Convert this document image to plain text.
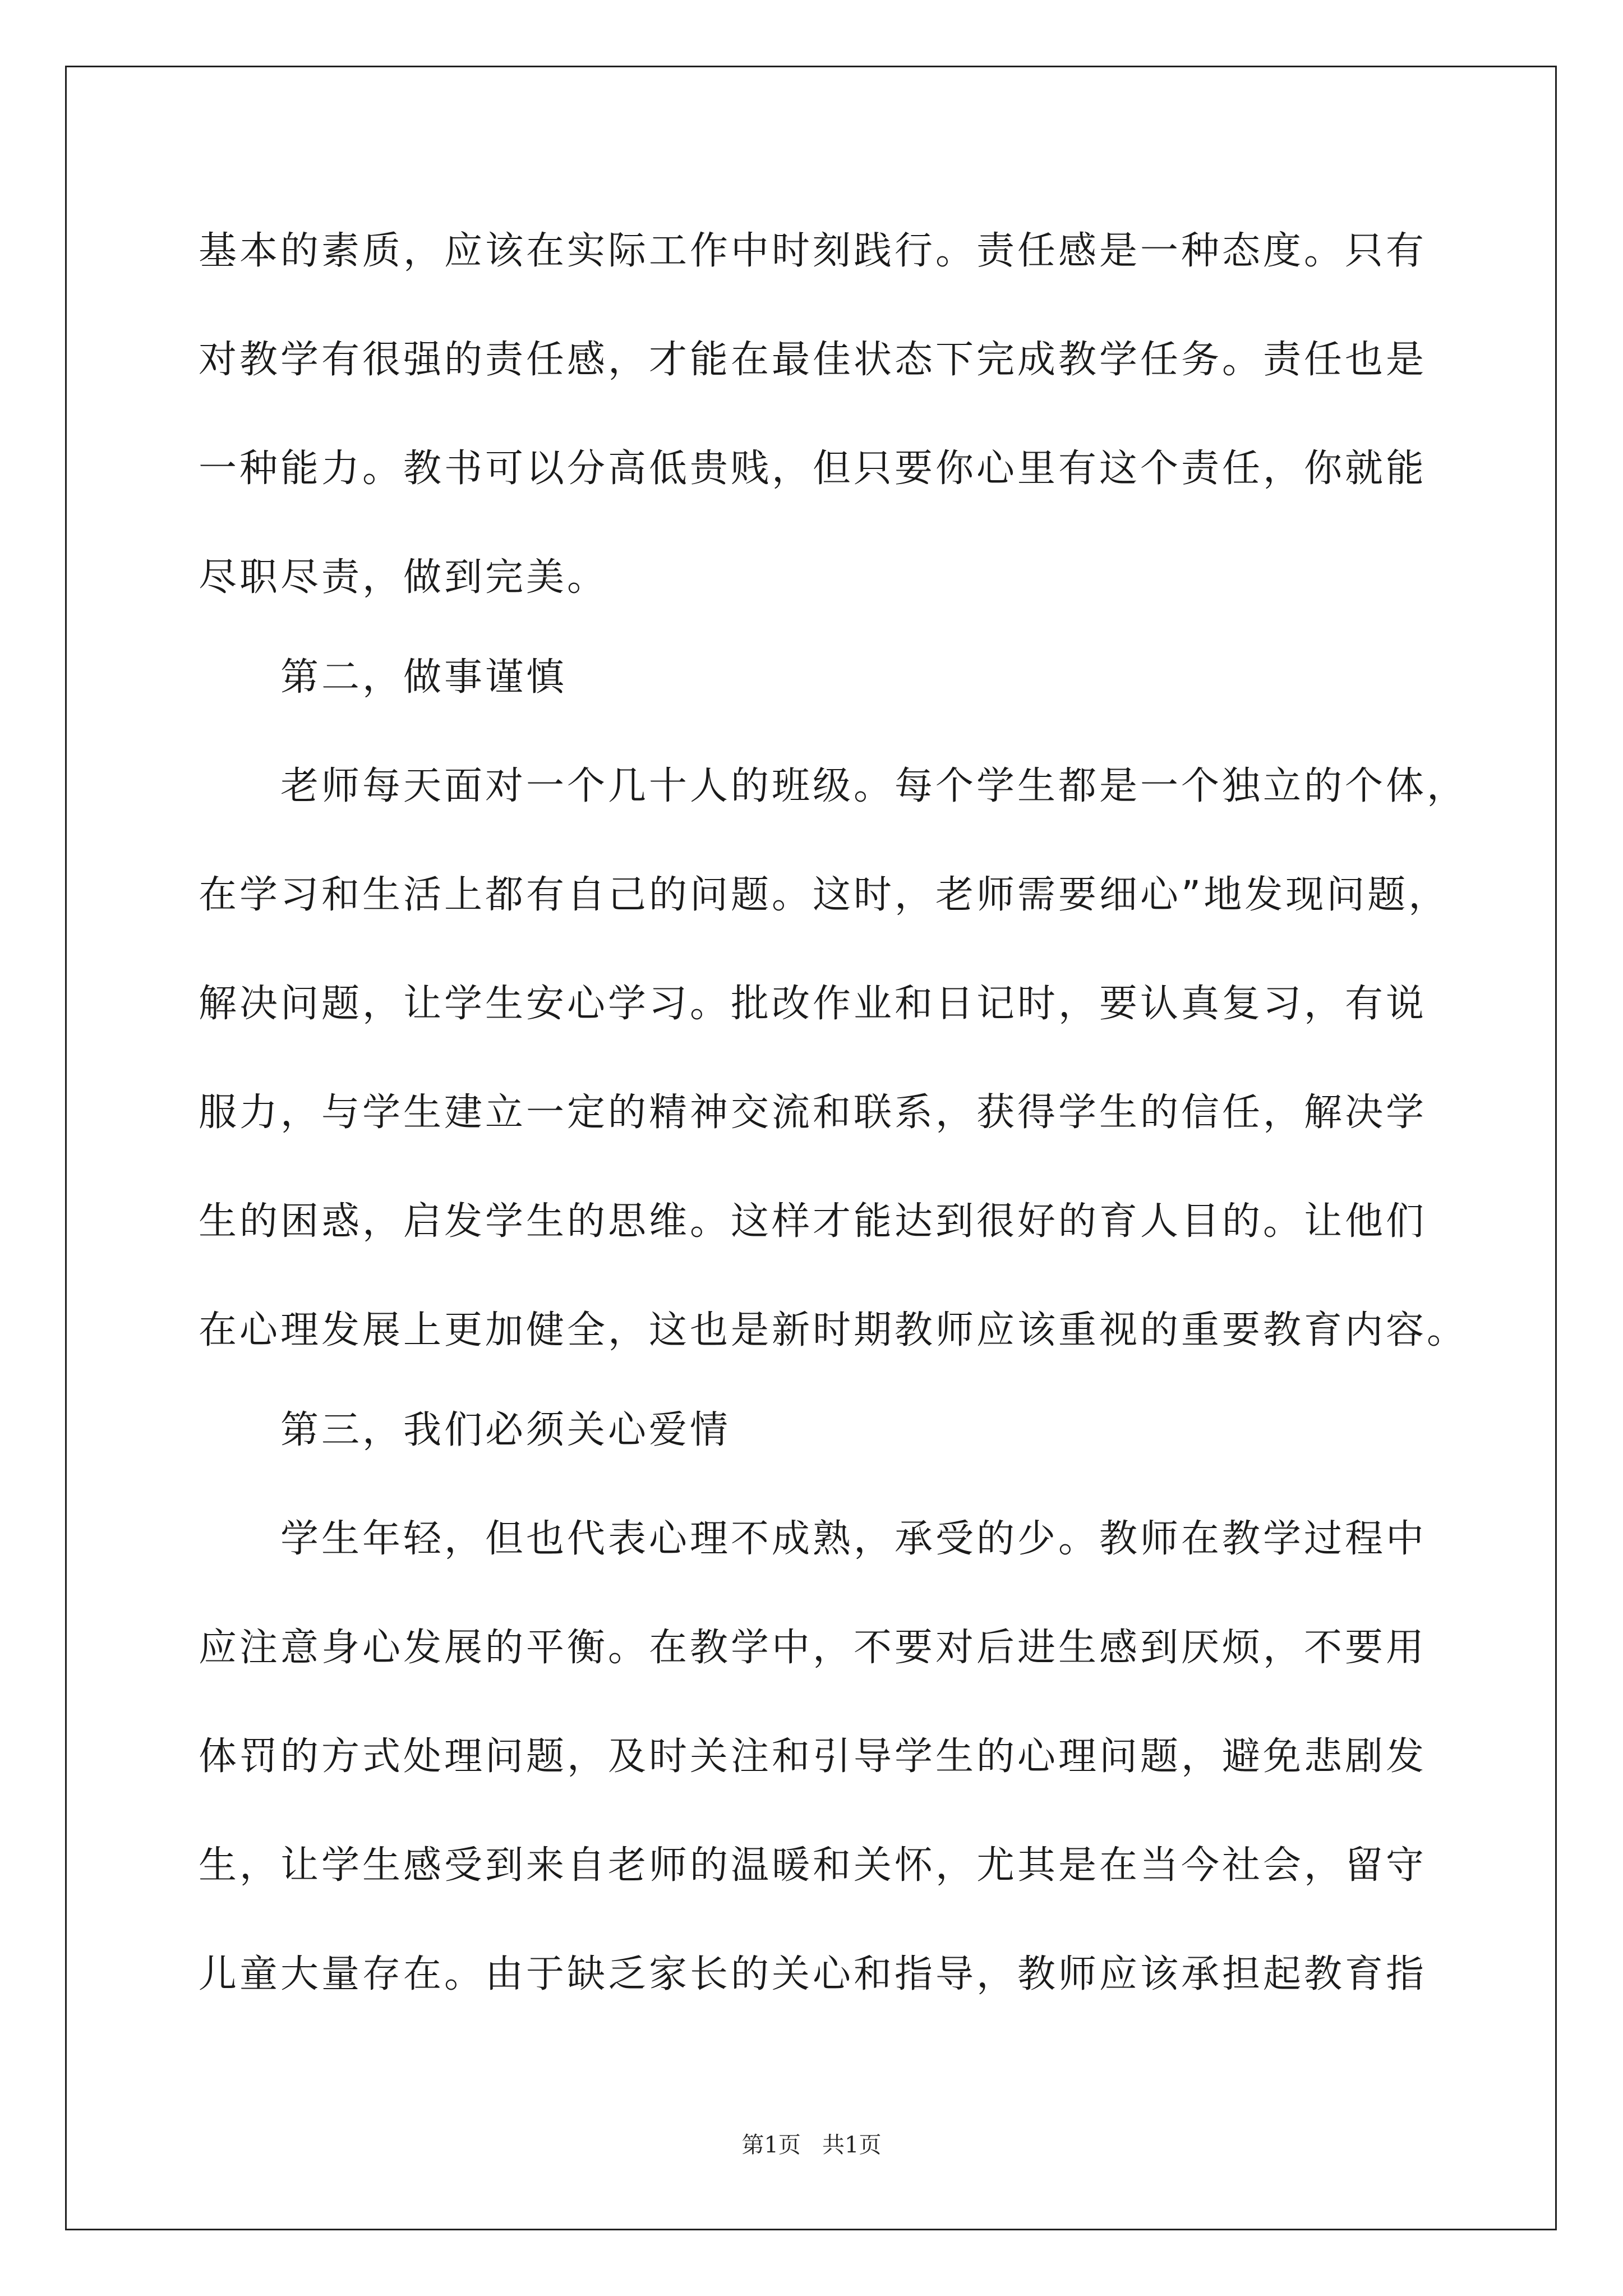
基本的素质，应该在实际工作中时刻践行。责任感是一种态度。只有
对教学有很强的责任感，才能在最佳状态下完成教学任务。责任也是
一种能力。教书可以分高低贵贱，但只要你心里有这个责任，你就能
尽职尽责，做到完美。
第二，做事谨慎
老师每天面对一个几十人的班级。每个学生都是一个独立的个体，
在学习和生活上都有自己的问题。这时，老师需要细心”地发现问题，
解决问题，让学生安心学习。批改作业和日记时，要认真复习，有说
服力，与学生建立一定的精神交流和联系，获得学生的信任，解决学
生的困惑，启发学生的思维。这样才能达到很好的育人目的。让他们
在心理发展上更加健全，这也是新时期教师应该重视的重要教育内容。
第三，我们必须关心爱情
学生年轻，但也代表心理不成熟，承受的少。教师在教学过程中
应注意身心发展的平衡。在教学中，不要对后进生感到厌烦，不要用
体罚的方式处理问题，及时关注和引导学生的心理问题，避免悲剧发
生，让学生感受到来自老师的温暖和关怀，尤其是在当今社会，留守
儿童大量存在。由于缺乏家长的关心和指导，教师应该承担起教育指
第1页   共1页
